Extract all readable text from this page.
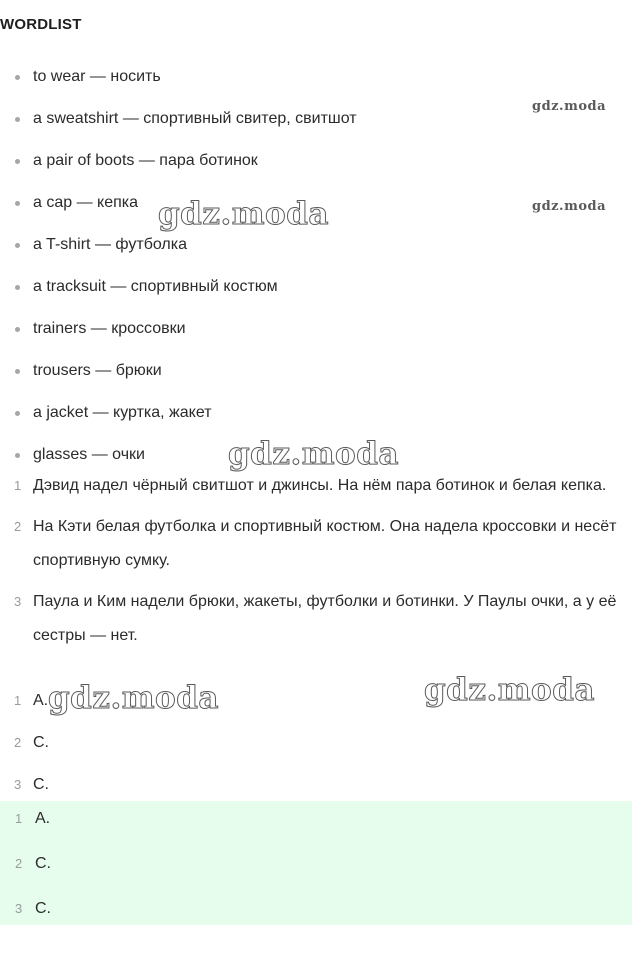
WORDLIST
to wear — носить
a sweatshirt — спортивный свитер, свитшот
a pair of boots — пара ботинок
a cap — кепка
a T-shirt — футболка
a tracksuit — спортивный костюм
trainers — кроссовки
trousers — брюки
a jacket — куртка, жакет
glasses — очки
1 Дэвид надел чёрный свитшот и джинсы. На нём пара ботинок и белая кепка.
2 На Кэти белая футболка и спортивный костюм. Она надела кроссовки и несёт спортивную сумку.
3 Паула и Ким надели брюки, жакеты, футболки и ботинки. У Паулы очки, а у её сестры — нет.
1 A.
2 C.
3 C.
1 A.
2 C.
3 C.
gdz.moda
gdz.moda
gdz.moda
gdz.moda
gdz.moda	gdz.moda
